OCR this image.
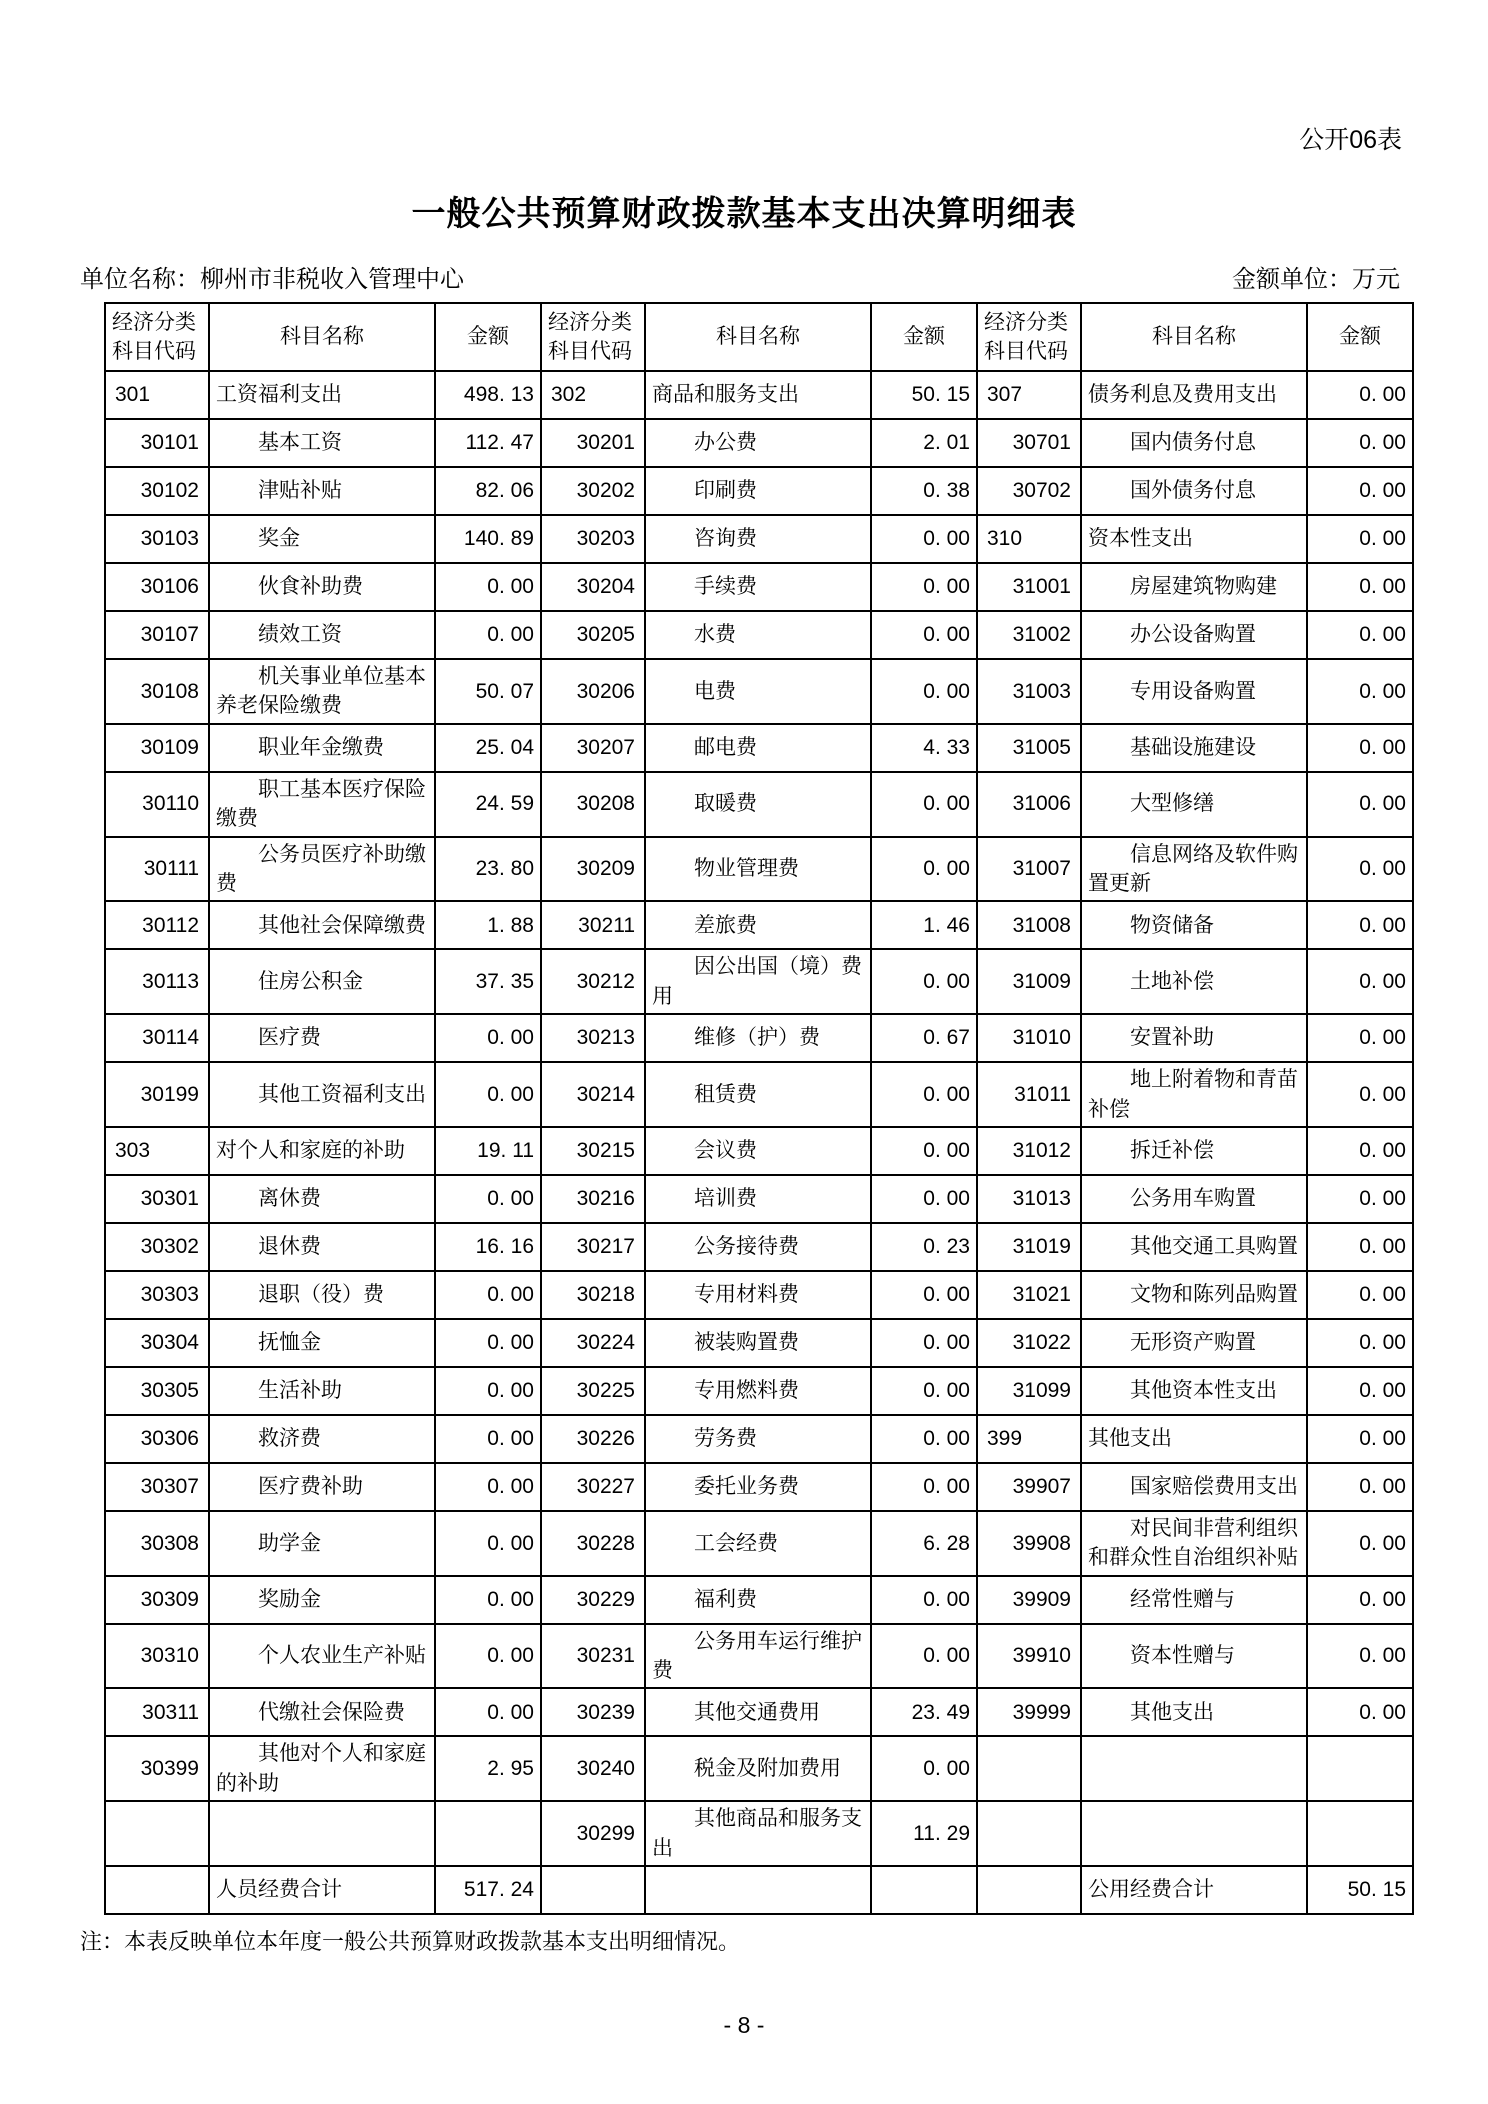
公开06表
一般公共预算财政拨款基本支出决算明细表
单位名称：柳州市非税收入管理中心	金额单位：万元
经济分类科目代码	科目名称	金额	经济分类科目代码	科目名称	金额	经济分类科目代码	科目名称	金额
301	工资福利支出	498. 13	302	商品和服务支出	50. 15	307	债务利息及费用支出	0. 00
30101	基本工资	112. 47	30201	办公费	2. 01	30701	国内债务付息	0. 00
30102	津贴补贴	82. 06	30202	印刷费	0. 38	30702	国外债务付息	0. 00
30103	奖金	140. 89	30203	咨询费	0. 00	310	资本性支出	0. 00
30106	伙食补助费	0. 00	30204	手续费	0. 00	31001	房屋建筑物购建	0. 00
30107	绩效工资	0. 00	30205	水费	0. 00	31002	办公设备购置	0. 00
30108	机关事业单位基本养老保险缴费	50. 07	30206	电费	0. 00	31003	专用设备购置	0. 00
30109	职业年金缴费	25. 04	30207	邮电费	4. 33	31005	基础设施建设	0. 00
30110	职工基本医疗保险缴费	24. 59	30208	取暖费	0. 00	31006	大型修缮	0. 00
30111	公务员医疗补助缴费	23. 80	30209	物业管理费	0. 00	31007	信息网络及软件购置更新	0. 00
30112	其他社会保障缴费	1. 88	30211	差旅费	1. 46	31008	物资储备	0. 00
30113	住房公积金	37. 35	30212	因公出国（境）费用	0. 00	31009	土地补偿	0. 00
30114	医疗费	0. 00	30213	维修（护）费	0. 67	31010	安置补助	0. 00
30199	其他工资福利支出	0. 00	30214	租赁费	0. 00	31011	地上附着物和青苗补偿	0. 00
303	对个人和家庭的补助	19. 11	30215	会议费	0. 00	31012	拆迁补偿	0. 00
30301	离休费	0. 00	30216	培训费	0. 00	31013	公务用车购置	0. 00
30302	退休费	16. 16	30217	公务接待费	0. 23	31019	其他交通工具购置	0. 00
30303	退职（役）费	0. 00	30218	专用材料费	0. 00	31021	文物和陈列品购置	0. 00
30304	抚恤金	0. 00	30224	被装购置费	0. 00	31022	无形资产购置	0. 00
30305	生活补助	0. 00	30225	专用燃料费	0. 00	31099	其他资本性支出	0. 00
30306	救济费	0. 00	30226	劳务费	0. 00	399	其他支出	0. 00
30307	医疗费补助	0. 00	30227	委托业务费	0. 00	39907	国家赔偿费用支出	0. 00
30308	助学金	0. 00	30228	工会经费	6. 28	39908	对民间非营利组织和群众性自治组织补贴	0. 00
30309	奖励金	0. 00	30229	福利费	0. 00	39909	经常性赠与	0. 00
30310	个人农业生产补贴	0. 00	30231	公务用车运行维护费	0. 00	39910	资本性赠与	0. 00
30311	代缴社会保险费	0. 00	30239	其他交通费用	23. 49	39999	其他支出	0. 00
30399	其他对个人和家庭的补助	2. 95	30240	税金及附加费用	0. 00			
			30299	其他商品和服务支出	11. 29			
	人员经费合计	517. 24					公用经费合计	50. 15
注：本表反映单位本年度一般公共预算财政拨款基本支出明细情况。
- 8 -
